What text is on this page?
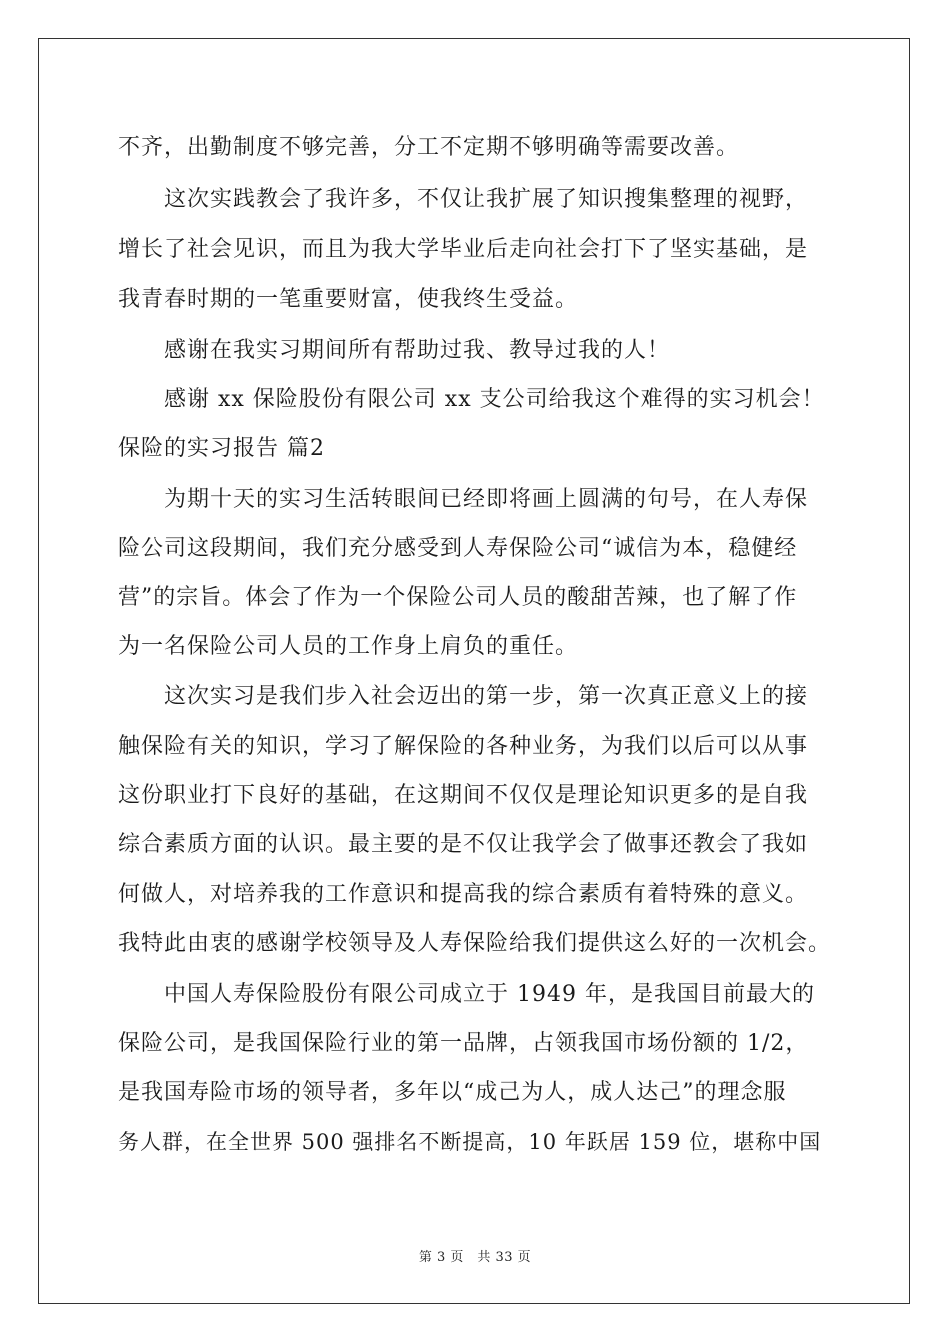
不齐，出勤制度不够完善，分工不定期不够明确等需要改善。
　　这次实践教会了我许多，不仅让我扩展了知识搜集整理的视野，
增长了社会见识，而且为我大学毕业后走向社会打下了坚实基础，是
我青春时期的一笔重要财富，使我终生受益。
　　感谢在我实习期间所有帮助过我、教导过我的人！
　　感谢 xx 保险股份有限公司 xx 支公司给我这个难得的实习机会！
保险的实习报告 篇2
　　为期十天的实习生活转眼间已经即将画上圆满的句号，在人寿保
险公司这段期间，我们充分感受到人寿保险公司“诚信为本，稳健经
营”的宗旨。体会了作为一个保险公司人员的酸甜苦辣，也了解了作
为一名保险公司人员的工作身上肩负的重任。
　　这次实习是我们步入社会迈出的第一步，第一次真正意义上的接
触保险有关的知识，学习了解保险的各种业务，为我们以后可以从事
这份职业打下良好的基础，在这期间不仅仅是理论知识更多的是自我
综合素质方面的认识。最主要的是不仅让我学会了做事还教会了我如
何做人，对培养我的工作意识和提高我的综合素质有着特殊的意义。
我特此由衷的感谢学校领导及人寿保险给我们提供这么好的一次机会。
　　中国人寿保险股份有限公司成立于 1949 年，是我国目前最大的
保险公司，是我国保险行业的第一品牌，占领我国市场份额的 1/2，
是我国寿险市场的领导者，多年以“成己为人，成人达己”的理念服
务人群，在全世界 500 强排名不断提高，10 年跃居 159 位，堪称中国
第 3 页　共 33 页
